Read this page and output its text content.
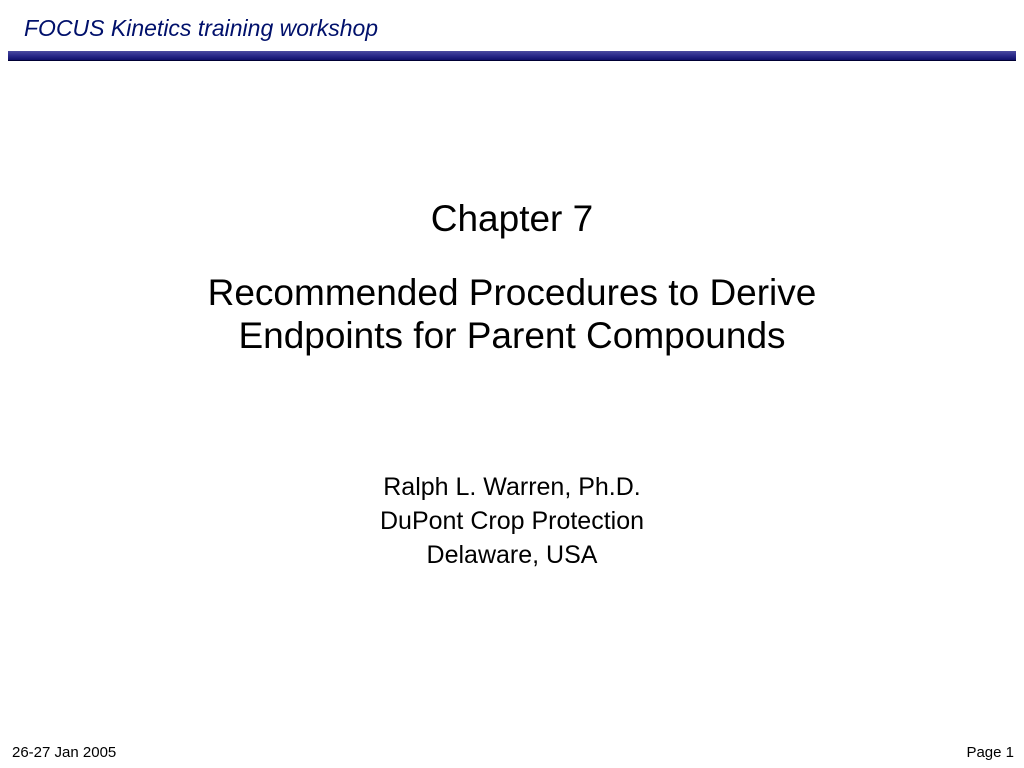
FOCUS Kinetics training workshop
Chapter 7
Recommended Procedures to Derive
Endpoints for Parent Compounds
Ralph L. Warren, Ph.D.
DuPont Crop Protection
Delaware, USA
26-27 Jan 2005	Page 1
